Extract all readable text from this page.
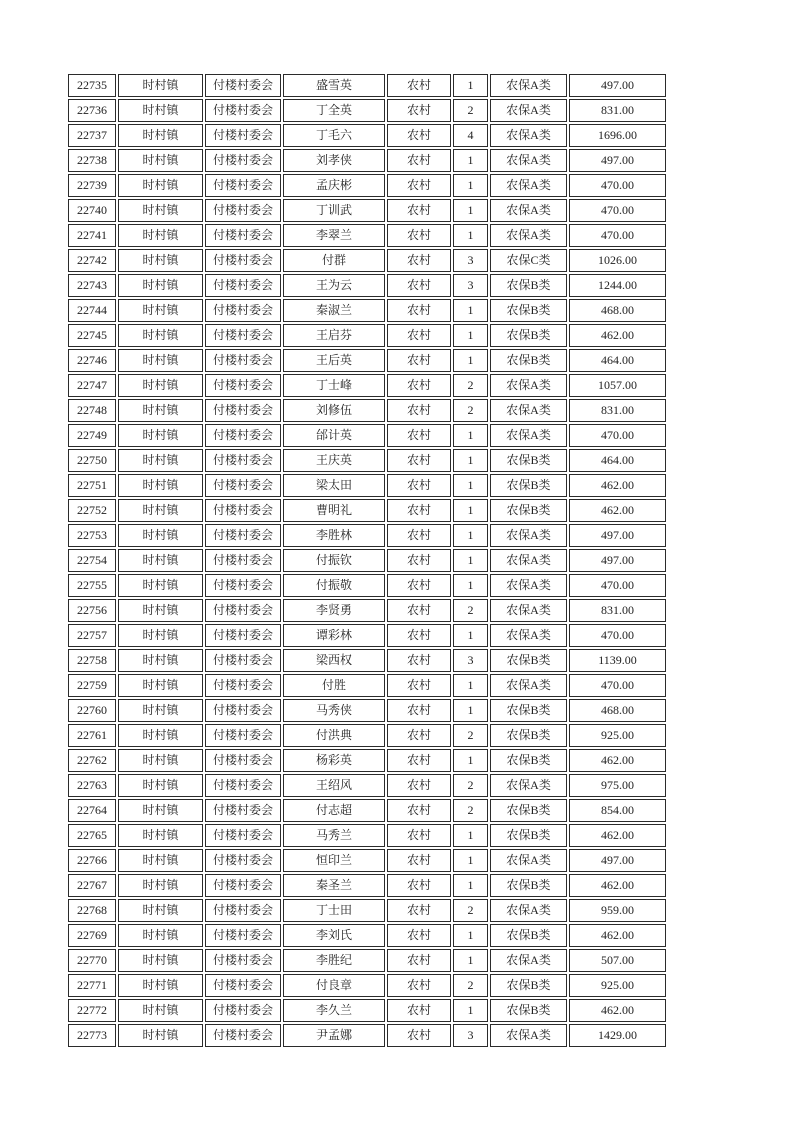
22735	时村镇	付楼村委会	盛雪英	农村	1	农保A类	497.00
22736	时村镇	付楼村委会	丁全英	农村	2	农保A类	831.00
22737	时村镇	付楼村委会	丁毛六	农村	4	农保A类	1696.00
22738	时村镇	付楼村委会	刘孝侠	农村	1	农保A类	497.00
22739	时村镇	付楼村委会	孟庆彬	农村	1	农保A类	470.00
22740	时村镇	付楼村委会	丁训武	农村	1	农保A类	470.00
22741	时村镇	付楼村委会	李翠兰	农村	1	农保A类	470.00
22742	时村镇	付楼村委会	付群	农村	3	农保C类	1026.00
22743	时村镇	付楼村委会	王为云	农村	3	农保B类	1244.00
22744	时村镇	付楼村委会	秦淑兰	农村	1	农保B类	468.00
22745	时村镇	付楼村委会	王启芬	农村	1	农保B类	462.00
22746	时村镇	付楼村委会	王后英	农村	1	农保B类	464.00
22747	时村镇	付楼村委会	丁士峰	农村	2	农保A类	1057.00
22748	时村镇	付楼村委会	刘修伍	农村	2	农保A类	831.00
22749	时村镇	付楼村委会	邰计英	农村	1	农保A类	470.00
22750	时村镇	付楼村委会	王庆英	农村	1	农保B类	464.00
22751	时村镇	付楼村委会	梁太田	农村	1	农保B类	462.00
22752	时村镇	付楼村委会	曹明礼	农村	1	农保B类	462.00
22753	时村镇	付楼村委会	李胜林	农村	1	农保A类	497.00
22754	时村镇	付楼村委会	付振钦	农村	1	农保A类	497.00
22755	时村镇	付楼村委会	付振敬	农村	1	农保A类	470.00
22756	时村镇	付楼村委会	李贤勇	农村	2	农保A类	831.00
22757	时村镇	付楼村委会	谭彩林	农村	1	农保A类	470.00
22758	时村镇	付楼村委会	梁西权	农村	3	农保B类	1139.00
22759	时村镇	付楼村委会	付胜	农村	1	农保A类	470.00
22760	时村镇	付楼村委会	马秀侠	农村	1	农保B类	468.00
22761	时村镇	付楼村委会	付洪典	农村	2	农保B类	925.00
22762	时村镇	付楼村委会	杨彩英	农村	1	农保B类	462.00
22763	时村镇	付楼村委会	王绍风	农村	2	农保A类	975.00
22764	时村镇	付楼村委会	付志超	农村	2	农保B类	854.00
22765	时村镇	付楼村委会	马秀兰	农村	1	农保B类	462.00
22766	时村镇	付楼村委会	恒印兰	农村	1	农保A类	497.00
22767	时村镇	付楼村委会	秦圣兰	农村	1	农保B类	462.00
22768	时村镇	付楼村委会	丁士田	农村	2	农保A类	959.00
22769	时村镇	付楼村委会	李刘氏	农村	1	农保B类	462.00
22770	时村镇	付楼村委会	李胜纪	农村	1	农保A类	507.00
22771	时村镇	付楼村委会	付良章	农村	2	农保B类	925.00
22772	时村镇	付楼村委会	李久兰	农村	1	农保B类	462.00
22773	时村镇	付楼村委会	尹孟娜	农村	3	农保A类	1429.00
